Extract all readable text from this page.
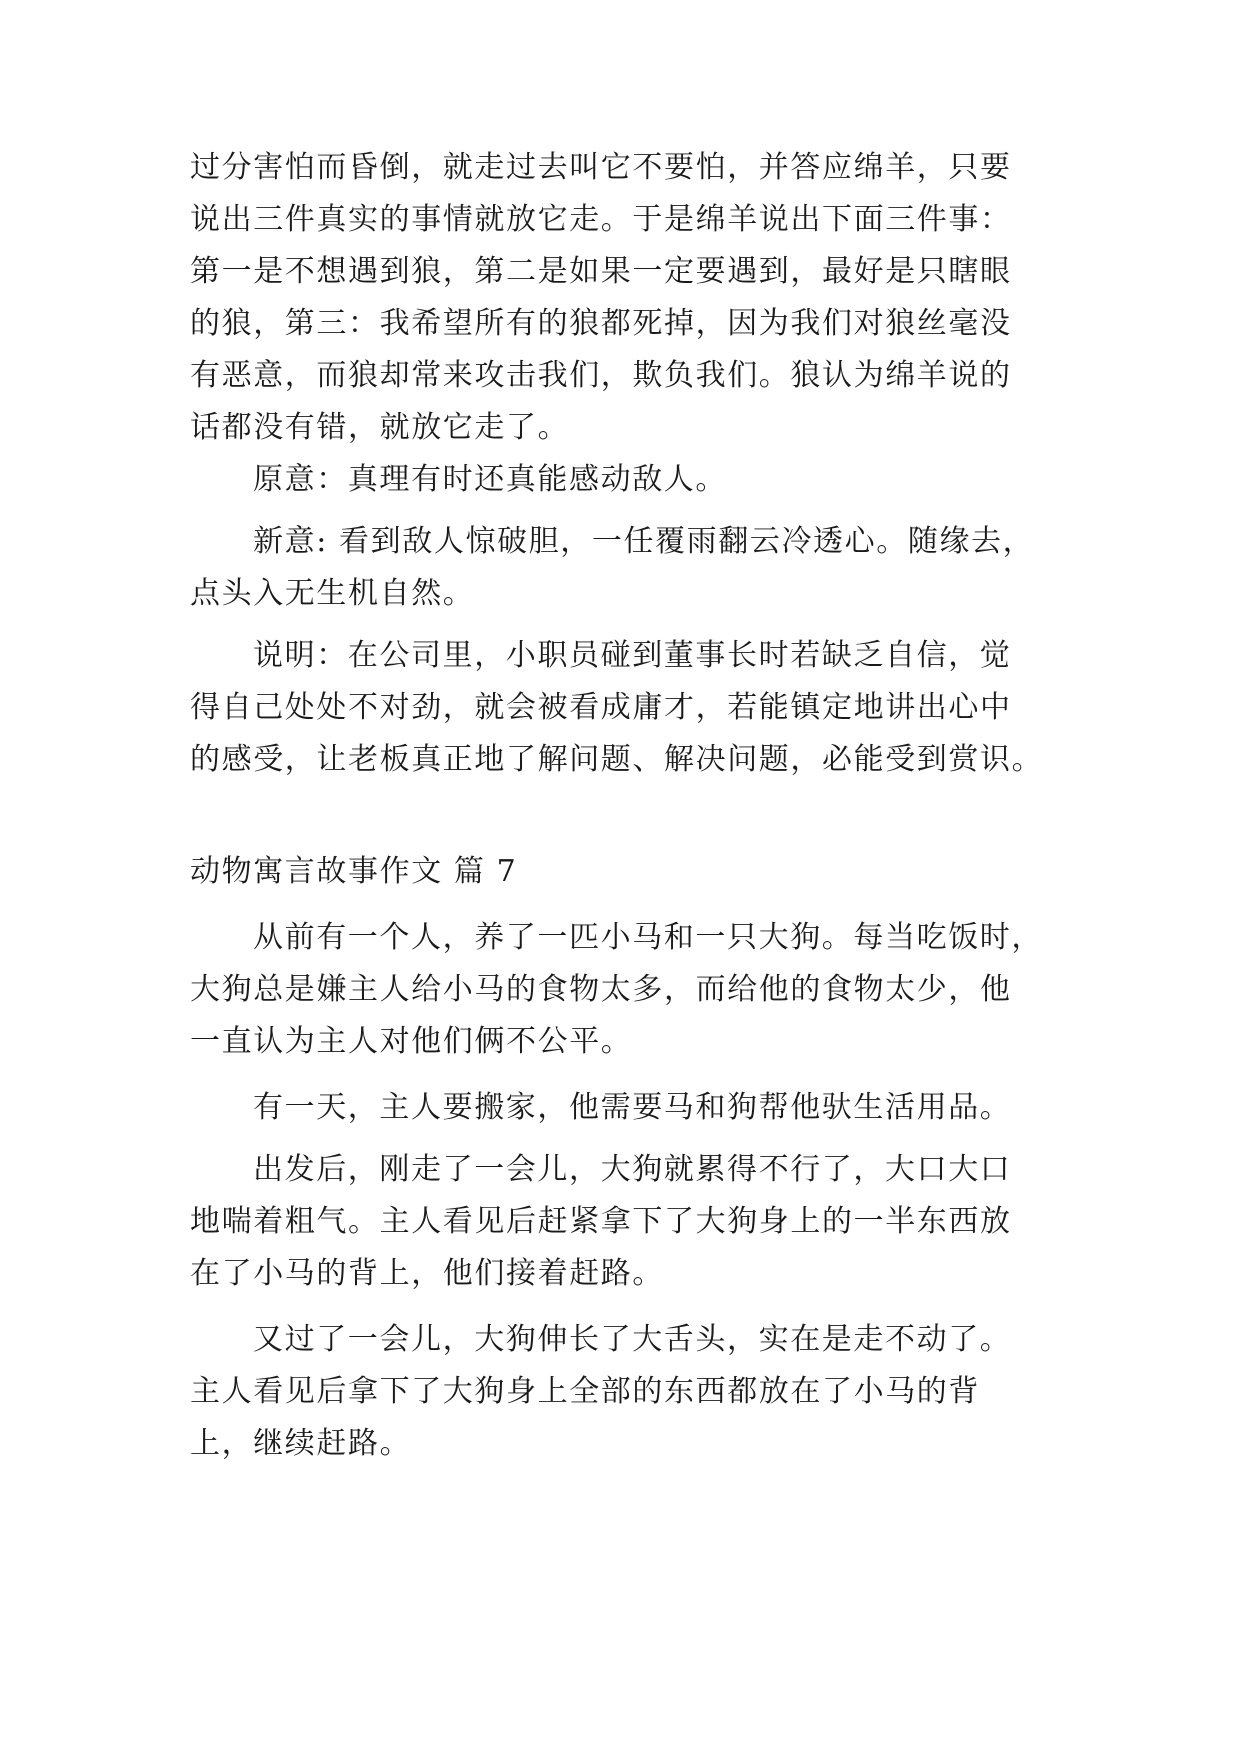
过分害怕而昏倒，就走过去叫它不要怕，并答应绵羊，只要
说出三件真实的事情就放它走。于是绵羊说出下面三件事：
第一是不想遇到狼，第二是如果一定要遇到，最好是只瞎眼
的狼，第三：我希望所有的狼都死掉，因为我们对狼丝毫没
有恶意，而狼却常来攻击我们，欺负我们。狼认为绵羊说的
话都没有错，就放它走了。
原意：真理有时还真能感动敌人。
新意: 看到敌人惊破胆，一任覆雨翻云冷透心。随缘去，
点头入无生机自然。
说明：在公司里，小职员碰到董事长时若缺乏自信，觉
得自己处处不对劲，就会被看成庸才，若能镇定地讲出心中
的感受，让老板真正地了解问题、解决问题，必能受到赏识。
动物寓言故事作文 篇 7
从前有一个人，养了一匹小马和一只大狗。每当吃饭时，
大狗总是嫌主人给小马的食物太多，而给他的食物太少，他
一直认为主人对他们俩不公平。
有一天，主人要搬家，他需要马和狗帮他驮生活用品。
出发后，刚走了一会儿，大狗就累得不行了，大口大口
地喘着粗气。主人看见后赶紧拿下了大狗身上的一半东西放
在了小马的背上，他们接着赶路。
又过了一会儿，大狗伸长了大舌头，实在是走不动了。
主人看见后拿下了大狗身上全部的东西都放在了小马的背
上，继续赶路。
